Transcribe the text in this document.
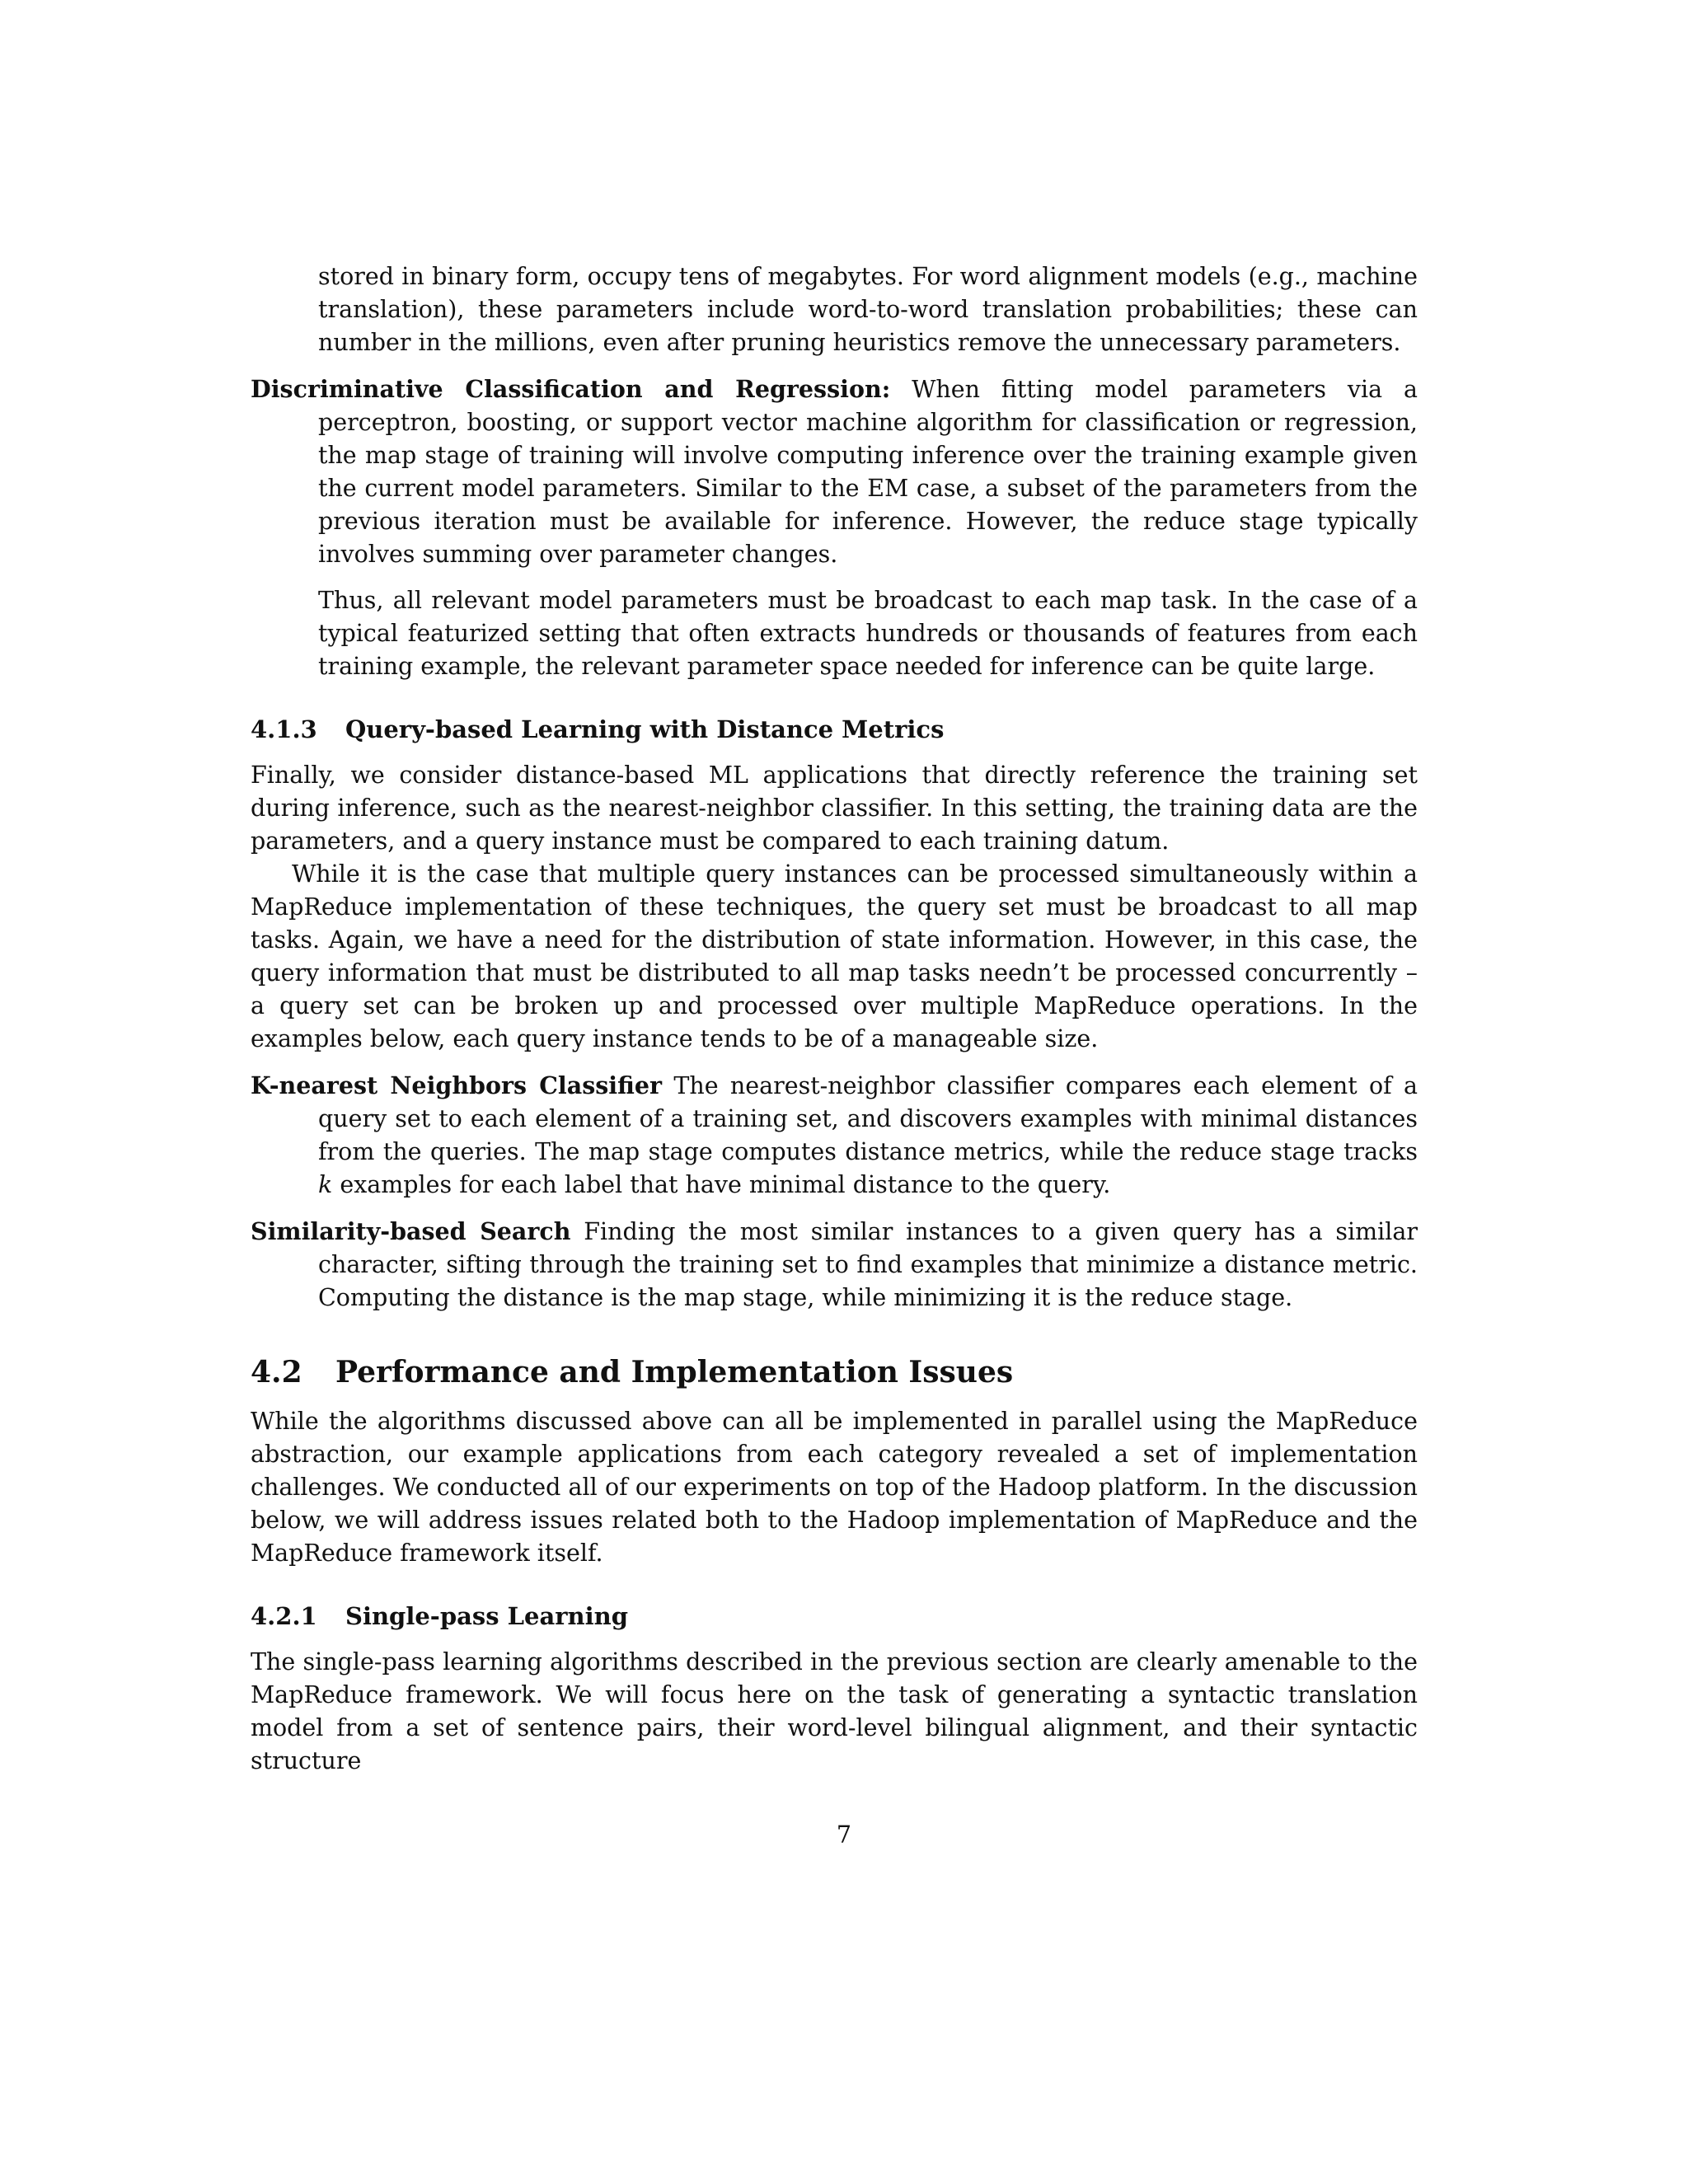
stored in binary form, occupy tens of megabytes. For word alignment models (e.g., machine translation), these parameters include word-to-word translation probabilities; these can number in the millions, even after pruning heuristics remove the unnecessary parameters.

Discriminative Classification and Regression: When fitting model parameters via a perceptron, boosting, or support vector machine algorithm for classification or regression, the map stage of training will involve computing inference over the training example given the current model parameters. Similar to the EM case, a subset of the parameters from the previous iteration must be available for inference. However, the reduce stage typically involves summing over parameter changes.

Thus, all relevant model parameters must be broadcast to each map task. In the case of a typical featurized setting that often extracts hundreds or thousands of features from each training example, the relevant parameter space needed for inference can be quite large.

4.1.3 Query-based Learning with Distance Metrics

Finally, we consider distance-based ML applications that directly reference the training set during inference, such as the nearest-neighbor classifier. In this setting, the training data are the parameters, and a query instance must be compared to each training datum.

While it is the case that multiple query instances can be processed simultaneously within a MapReduce implementation of these techniques, the query set must be broadcast to all map tasks. Again, we have a need for the distribution of state information. However, in this case, the query information that must be distributed to all map tasks needn’t be processed concurrently – a query set can be broken up and processed over multiple MapReduce operations. In the examples below, each query instance tends to be of a manageable size.

K-nearest Neighbors Classifier The nearest-neighbor classifier compares each element of a query set to each element of a training set, and discovers examples with minimal distances from the queries. The map stage computes distance metrics, while the reduce stage tracks k examples for each label that have minimal distance to the query.

Similarity-based Search Finding the most similar instances to a given query has a similar character, sifting through the training set to find examples that minimize a distance metric. Computing the distance is the map stage, while minimizing it is the reduce stage.

4.2 Performance and Implementation Issues

While the algorithms discussed above can all be implemented in parallel using the MapReduce abstraction, our example applications from each category revealed a set of implementation challenges. We conducted all of our experiments on top of the Hadoop platform. In the discussion below, we will address issues related both to the Hadoop implementation of MapReduce and the MapReduce framework itself.

4.2.1 Single-pass Learning

The single-pass learning algorithms described in the previous section are clearly amenable to the MapReduce framework. We will focus here on the task of generating a syntactic translation model from a set of sentence pairs, their word-level bilingual alignment, and their syntactic structure

7
